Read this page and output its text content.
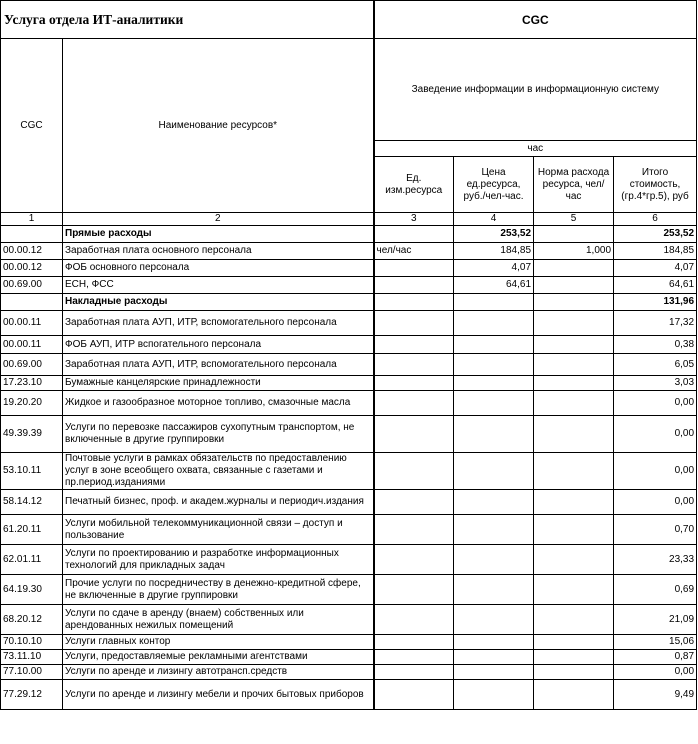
Услуга отдела ИТ-аналитики		CGC			
CGC	Наименование ресурсов*	Заведение информации в информационную систему			
		час			
		Ед. изм.ресурса	Цена ед.ресурса, руб./чел-час.	Норма расхода ресурса, чел/час	Итого стоимость, (гр.4*гр.5), руб
1	2	3	4	5	6
	Прямые расходы		253,52		253,52
00.00.12	Заработная плата основного персонала	чел/час	184,85	1,000	184,85
00.00.12	ФОБ основного персонала		4,07		4,07
00.69.00	ЕСН, ФСС		64,61		64,61
	Накладные расходы				131,96
00.00.11	Заработная плата АУП, ИТР, вспомогательного персонала				17,32
00.00.11	ФОБ АУП, ИТР вспогательного персонала				0,38
00.69.00	Заработная плата АУП, ИТР, вспомогательного персонала				6,05
17.23.10	Бумажные канцелярские принадлежности				3,03
19.20.20	Жидкое и газообразное моторное топливо, смазочные масла				0,00
49.39.39	Услуги по перевозке пассажиров сухопутным транспортом, не включенные в другие группировки				0,00
53.10.11	Почтовые услуги в рамках обязательств по предоставлению услуг в зоне всеобщего охвата, связанные с газетами и пр.период.изданиями				0,00
58.14.12	Печатный бизнес, проф. и академ.журналы и периодич.издания				0,00
61.20.11	Услуги мобильной телекоммуникационной связи – доступ и пользование				0,70
62.01.11	Услуги по проектированию и разработке информационных технологий для прикладных задач				23,33
64.19.30	Прочие услуги по посредничеству в денежно-кредитной сфере, не включенные в другие группировки				0,69
68.20.12	Услуги по сдаче в аренду (внаем) собственных или арендованных нежилых помещений				21,09
70.10.10	Услуги главных контор				15,06
73.11.10	Услуги, предоставляемые рекламными агентствами				0,87
77.10.00	Услуги по аренде и лизингу автотрансп.средств				0,00
77.29.12	Услуги по аренде и лизингу мебели и прочих бытовых приборов				9,49
